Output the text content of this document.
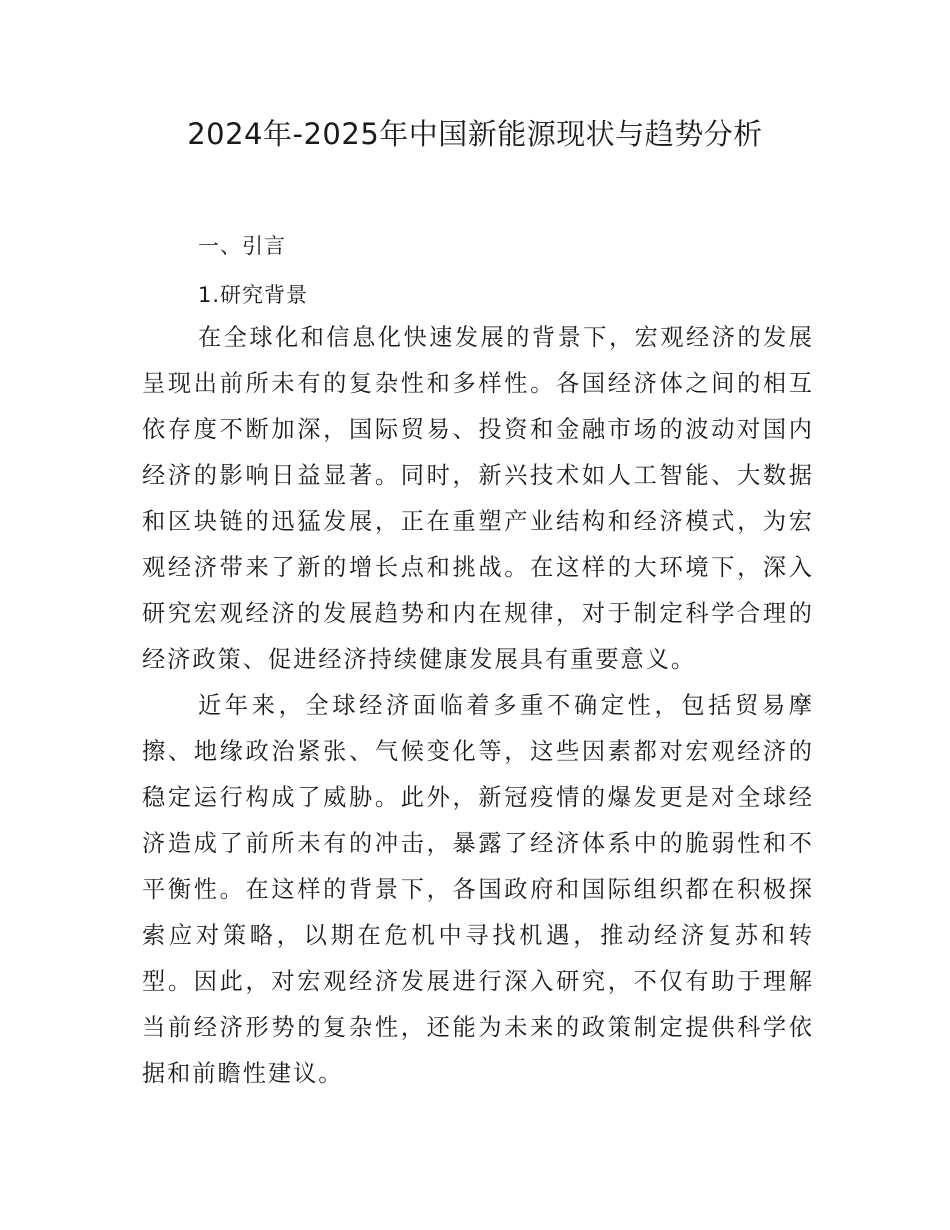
2024年-2025年中国新能源现状与趋势分析
一、引言
1.研究背景

在全球化和信息化快速发展的背景下，宏观经济的发展呈现出前所未有的复杂性和多样性。各国经济体之间的相互依存度不断加深，国际贸易、投资和金融市场的波动对国内经济的影响日益显著。同时，新兴技术如人工智能、大数据和区块链的迅猛发展，正在重塑产业结构和经济模式，为宏观经济带来了新的增长点和挑战。在这样的大环境下，深入研究宏观经济的发展趋势和内在规律，对于制定科学合理的经济政策、促进经济持续健康发展具有重要意义。

近年来，全球经济面临着多重不确定性，包括贸易摩擦、地缘政治紧张、气候变化等，这些因素都对宏观经济的稳定运行构成了威胁。此外，新冠疫情的爆发更是对全球经济造成了前所未有的冲击，暴露了经济体系中的脆弱性和不平衡性。在这样的背景下，各国政府和国际组织都在积极探索应对策略，以期在危机中寻找机遇，推动经济复苏和转型。因此，对宏观经济发展进行深入研究，不仅有助于理解当前经济形势的复杂性，还能为未来的政策制定提供科学依据和前瞻性建议。
